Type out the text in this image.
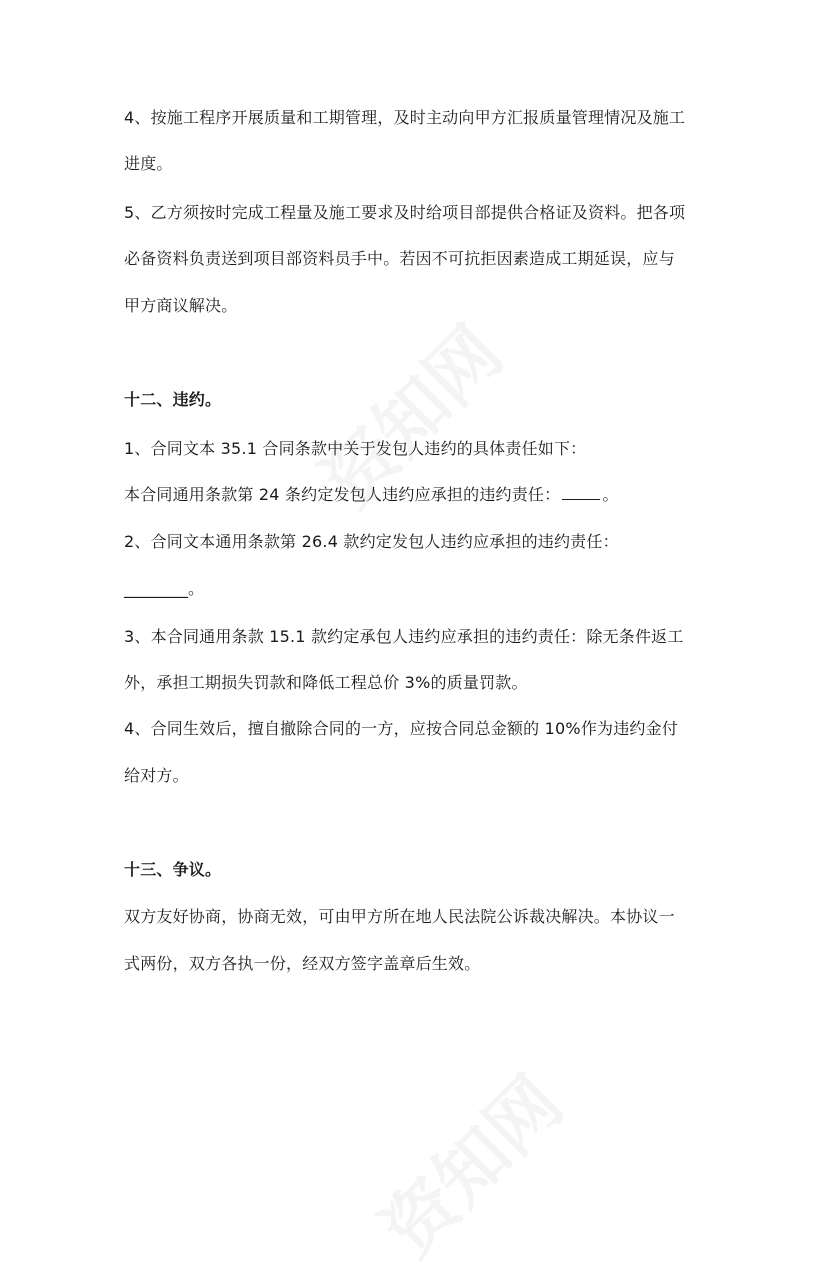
4、按施工程序开展质量和工期管理，及时主动向甲方汇报质量管理情况及施工
进度。
5、乙方须按时完成工程量及施工要求及时给项目部提供合格证及资料。把各项
必备资料负责送到项目部资料员手中。若因不可抗拒因素造成工期延误，应与
甲方商议解决。
十二、违约。
1、合同文本 35.1 合同条款中关于发包人违约的具体责任如下：
本合同通用条款第 24 条约定发包人违约应承担的违约责任：	。
2、合同文本通用条款第 26.4 款约定发包人违约应承担的违约责任：
________。
3、本合同通用条款 15.1 款约定承包人违约应承担的违约责任：除无条件返工
外，承担工期损失罚款和降低工程总价 3%的质量罚款。
4、合同生效后，擅自撤除合同的一方，应按合同总金额的 10%作为违约金付
给对方。
十三、争议。
双方友好协商，协商无效，可由甲方所在地人民法院公诉裁决解决。本协议一
式两份，双方各执一份，经双方签字盖章后生效。
